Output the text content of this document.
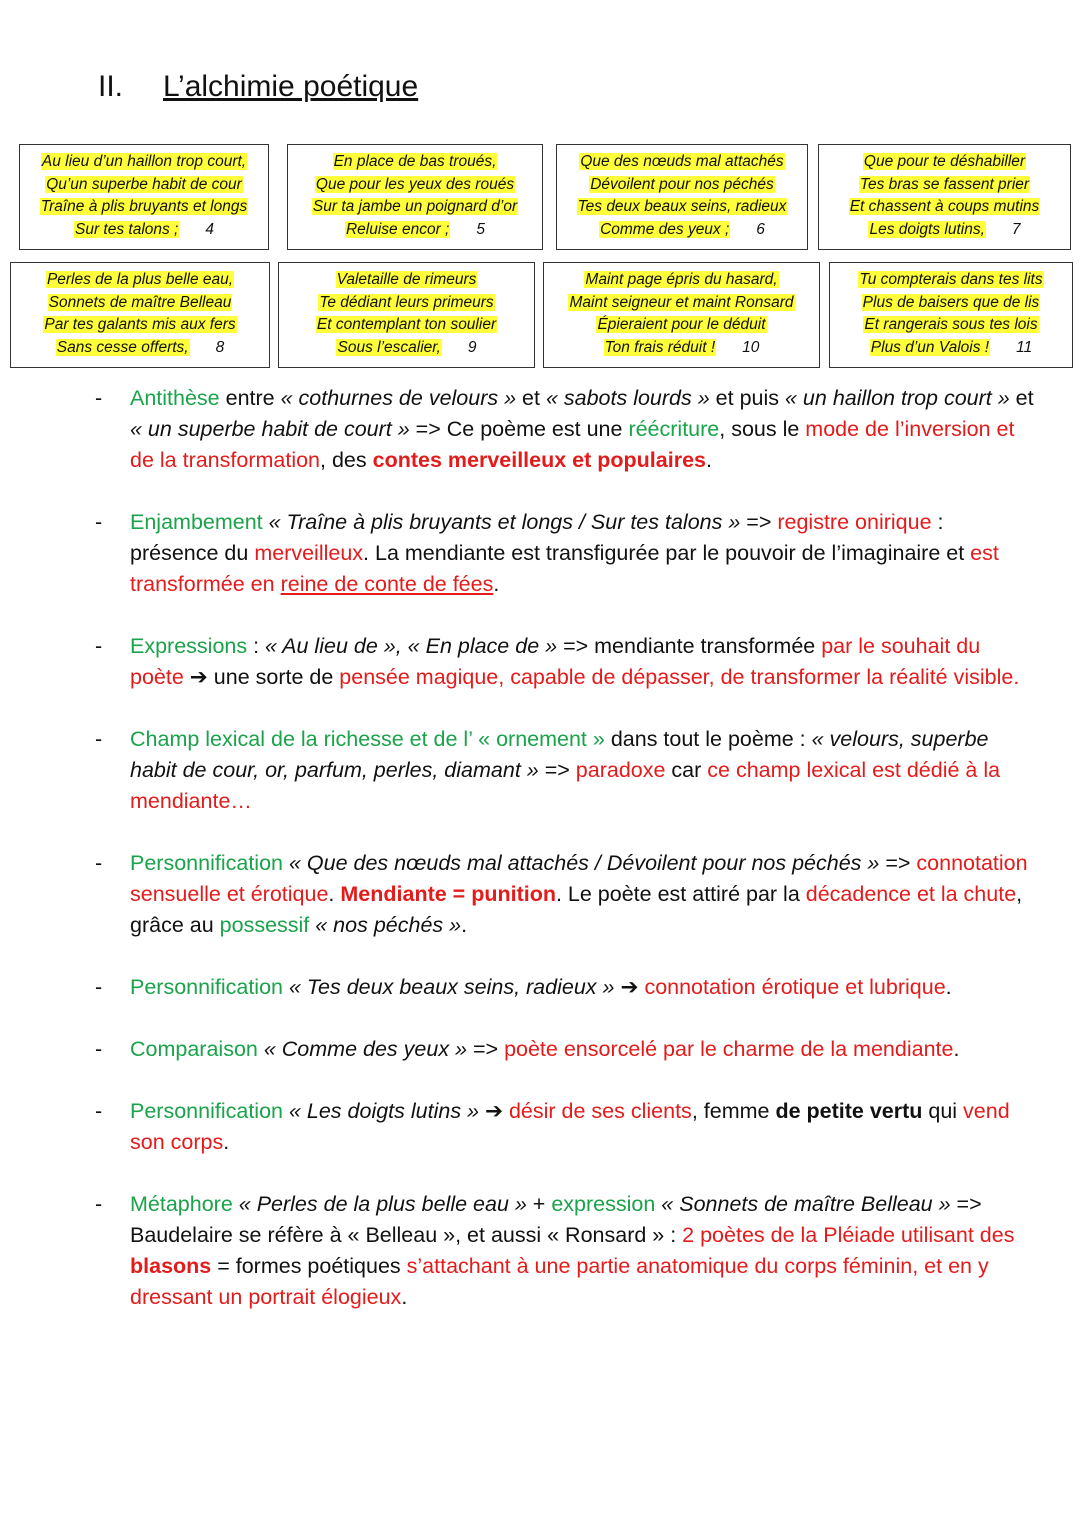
II. L’alchimie poétique
Au lieu d’un haillon trop court,
Qu’un superbe habit de cour
Traîne à plis bruyants et longs
Sur tes talons ; 4
En place de bas troués,
Que pour les yeux des roués
Sur ta jambe un poignard d’or
Reluise encor ; 5
Que des nœuds mal attachés
Dévoilent pour nos péchés
Tes deux beaux seins, radieux
Comme des yeux ; 6
Que pour te déshabiller
Tes bras se fassent prier
Et chassent à coups mutins
Les doigts lutins, 7
Perles de la plus belle eau,
Sonnets de maître Belleau
Par tes galants mis aux fers
Sans cesse offerts, 8
Valetaille de rimeurs
Te dédiant leurs primeurs
Et contemplant ton soulier
Sous l’escalier, 9
Maint page épris du hasard,
Maint seigneur et maint Ronsard
Épieraient pour le déduit
Ton frais réduit ! 10
Tu compterais dans tes lits
Plus de baisers que de lis
Et rangerais sous tes lois
Plus d’un Valois ! 11
- Antithèse entre « cothurnes de velours » et « sabots lourds » et puis « un haillon trop court » et « un superbe habit de court » => Ce poème est une réécriture, sous le mode de l’inversion et de la transformation, des contes merveilleux et populaires.
- Enjambement « Traîne à plis bruyants et longs / Sur tes talons » => registre onirique : présence du merveilleux. La mendiante est transfigurée par le pouvoir de l’imaginaire et est transformée en reine de conte de fées.
- Expressions : « Au lieu de », « En place de » => mendiante transformée par le souhait du poète ➔ une sorte de pensée magique, capable de dépasser, de transformer la réalité visible.
- Champ lexical de la richesse et de l’ « ornement » dans tout le poème : « velours, superbe habit de cour, or, parfum, perles, diamant » => paradoxe car ce champ lexical est dédié à la mendiante…
- Personnification « Que des nœuds mal attachés / Dévoilent pour nos péchés » => connotation sensuelle et érotique. Mendiante = punition. Le poète est attiré par la décadence et la chute, grâce au possessif « nos péchés ».
- Personnification « Tes deux beaux seins, radieux » ➔ connotation érotique et lubrique.
- Comparaison « Comme des yeux » => poète ensorcelé par le charme de la mendiante.
- Personnification « Les doigts lutins » ➔ désir de ses clients, femme de petite vertu qui vend son corps.
- Métaphore « Perles de la plus belle eau » + expression « Sonnets de maître Belleau » => Baudelaire se réfère à « Belleau », et aussi « Ronsard » : 2 poètes de la Pléiade utilisant des blasons = formes poétiques s’attachant à une partie anatomique du corps féminin, et en y dressant un portrait élogieux.
